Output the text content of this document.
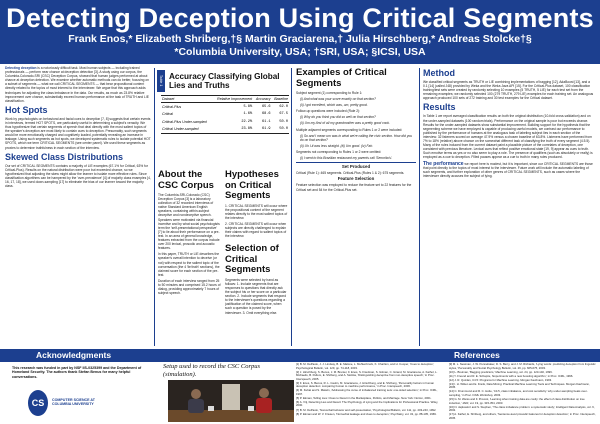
Detecting Deception Using Critical Segments
Frank Enos,* Elizabeth Shriberg,†§ Martin Graciarena,† Julia Hirschberg,* Andreas Stolcke†§
*Columbia University, USA; †SRI, USA; §ICSI, USA

Detecting deception is a notoriously difficult task. Most human subjects — including trained professionals — perform near chance at deception detection [3]. A study using our corpus, the Columbia-Colorado-SRI (CSC) Deception Corpus, showed that human judges performed at about chance at deception detection. We examine whether automatic methods can do better, focusing on a subset of segments — what we call CRITICAL SEGMENTS — that bear propositional content directly related to the topics of most interest to the interviewer. We argue that this approach adds techniques for adjusting the class imbalance in the data. Our results, as much as 23.8% relative improvement over chance, substantially exceed human performance at the task of TRUTH and LIE classification.

Hot Spots

Work by psychologists on behavioral and facial cues to deception [7, 8] suggests that certain events in interviews, termed HOT SPOTS, are particularly useful in determining a subject's veracity. We thus hypothesize that certain segments of speech that deal directly with the most salient topics of the speaker's deception are most likely to contain cues to deception. Presumably, such segments would be more emotionally charged and cognitively loaded, potentially revealing an increase in leakage. Using such segments as hot spots, we developed systematic rules to isolate potential HOT SPOTS, which we term CRITICAL SEGMENTS (see center panel). We used these segments as proxies to determine truthfulness in each section of the interview.

Skewed Class Distributions

Our set of CRITICAL SEGMENTS contains a majority of LIE examples (67.1% for Critical, 63% for Critical-Plus). Results on the natural distribution were poor but exceeded chance, so we hypothesized that adjusting the skew might allow the learner to isolate more effective rules. Since classification algorithms can be hampered by the 'over-prevalence' [4] of majority class examples [4, 16, 17, 18], we used down-sampling [17] to eliminate the bias of our learner toward the majority class.

Table 1 Accuracy Classifying Global Lies and Truths
Dataset	Relative Improvement	Accuracy	Baseline
Critical-Plus	5.8%	65.6	62.0
Critical	1.6%	68.6	67.5
Critical-Plus Under-sampled	22.2%	61.1	50.0
Critical Under-sampled	23.8%	61.9	50.0
About the CSC Corpus

The Columbia-SRI-Colorado (CSC) Deception Corpus [3] is a laboratory collection of 32 recorded interviews of native Standard American English speakers, containing within-subject deceptive and nondeceptive speech. Speakers were motivated via financial incentive and by what social psychologists term the 'self-presentational perspective' [7] to lie about their performance on a pre-test. In an area of general knowledge, features extracted from the corpus include over 200 lexical, prosodic and acoustic features.

In this paper, TRUTH or LIE describes the speaker's overall intention to deceive (or not) with respect to the salient topic of the conversation (the 4 'lie/truth' sections), the claimed score for each section of the pre-test.

Duration of each interview ranged from 25 to 50 minutes and comprised 15.2 hours of dialog, providing approximately 7 hours of subject speech.

Hypotheses on Critical Segments

1. CRITICAL SEGMENTS will occur where the propositional content of the segment relates directly to the most salient topics of the interview.

2. CRITICAL SEGMENTS will occur when subjects are directly challenged to explain their claims with regard to salient topics of the interview.

Selection of Critical Segments

Segments were selected by hand as follows: 1. Include segments that are responses to questions that directly ask the subject his or her score on a particular section. 2. Include segments that respond to the interviewer's questions regarding a justification of the claimed score, when such a question is posed by the interviewer. 3. Omit everything else.

Examples of Critical Segments

Subject segment (1) corresponding to Rule 1:

(i) And what was your score exactly on that section?

(ii) I got excellent, which was, um, pretty good.

Follow-up questions were included (Rule 2):

(i) Why do you think you did so well on that section?

(ii) Um my-first of all my grandmother was a pretty good cook.

Multiple adjacent segments corresponding to Rules 1 or 2 were included:

(i) So and I mean um was in what we're calling the civic section. How did you do on that section?

(ii) Uh I-it was less straight. (iii) Um good. (iv) Fair.

Segments not corresponding to Rules 1 or 2 were omitted:

(i) I went to this Brazilian restaurant my parents call 'Senorita's'.

Set Produced

Critical (Rule 1): 465 segments. Critical-Plus (Rules 1 & 2): 675 segments.

Feature Selection

Feature selection was employed to reduce the feature set to 22 features for the Critical set and 54 for the Critical-Plus set.

Method

We classified critical segments as TRUTH or LIE combining implementations of bagging [12], AdaBoost [13], and a 0.1 [14] (called J48) provided by Weka and the Weka Java API [15]. For the Critical-Plus dataset, 100 classification training/test sets were created by randomly selecting 10 examples (5 TRUTH, 5 LIE) for each test set from the remaining examples; we randomly selected 100 (279 TRUTH, 279 LIE) examples for each training set. An analogous approach produced 100 sets of 272 training and 30 test examples for the Critical dataset.

Results

In Table 1 we report averaged classification results on both the original distribution (10-fold cross-validation) and on the under-sampled datasets (100 random trials). Performance on the original sample is poor but exceeds chance. Results for the under-sampled datasets show substantial improvement. Building support for the hypothesis that the segmenting scheme we have employed is capable of producing useful models, we contrast our performance to published by the performance of humans at the analogous task of labeling subject lies in each section of the interview: 32 listeners scored on average 47.9% versus a chosen baseline of 63.8%. Listeners have performed from 7% to 18% (relative) above chance on the somewhat different task of classifying the truth of every segment (4.5.5). Many of the rules induced from the current dataset paint a plausible picture of the correlates of deception, one consistent with previous literature. Lexical cues that reflect positive emotional state [19, 9] appear as cues to truth. Such emotive terms as yes or no also seem to play a role. The presence of qualifiers (such as absolutely or really) is employed as a cue to deception. Filled pauses appear as a cue to truth in many rules produced.

The performance we report here is modest, but it is important, since our CRITICAL SEGMENTS are those that point directly to the topics of most interest to the interviewer. Future work will include the automatic labeling of such segments, and further exploration of other genres of CRITICAL SEGMENTS, such as cases where the interviewer directly accuses the subject of lying.

Acknowledgments	References
This research was funded in part by NSF IIS-0325399 and the Department of Homeland Security. The authors thank Stefan Benus for many helpful conversations.
CS	COMPUTER SCIENCE AT COLUMBIA UNIVERSITY
Setup used to record the CSC Corpus (simulation).

[1] B. M. DePaulo, J. J. Lindsay, B. E. Malone, L. Muhlenbruck, K. Charlton, and H. Cooper, 'Cues to deception,' Psychological Bulletin, vol. 129, pp. 74-118, 2003.

[2] J. Hirschberg, S. Benus, J. M. Brenier, F. Enos, S. Friedman, S. Gilman, C. Girand, M. Graciarena, A. Kathol, L. Michaelis, B. Pellom, E. Shriberg, and A. Stolcke, 'Distinguishing deceptive from non-deceptive speech,' in Proc. Interspeech, 2005.

[3] F. Enos, S. Benus, R. L. Cautin, M. Graciarena, J. Hirschberg, and E. Shriberg, 'Personality factors in human deception detection: comparing human to machine performance,' in Proc. Interspeech, 2006.

[4] M. Kubat and S. Matwin, 'Addressing the curse of imbalanced training sets: one-sided selection,' in Proc. ICML, 1997.

[5] P. Ekman, Telling Lies: Clues to Deceit in the Marketplace, Politics, and Marriage. New York: Norton, 2001.

[6] A. Vrij, Detecting Lies and Deceit: The Psychology of Lying and the Implications for Professional Practice. Wiley, 2000.

[7] B. M. DePaulo, 'Nonverbal behavior and self-presentation,' Psychological Bulletin, vol. 111, pp. 203-243, 1992.

[8] P. Ekman and W. V. Friesen, 'Nonverbal leakage and clues to deception,' Psychiatry, vol. 32, pp. 88-105, 1969.

[9] M. L. Newman, J. W. Pennebaker, D. S. Berry, and J. M. Richards, 'Lying words: predicting deception from linguistic styles,' Personality and Social Psychology Bulletin, vol. 29, pp. 665-675, 2003.

[10] L. Breiman, 'Bagging predictors,' Machine Learning, vol. 24, pp. 123-140, 1996.

[11] Y. Freund and R. E. Schapire, 'Experiments with a new boosting algorithm,' in Proc. ICML, 1996.

[12] J. R. Quinlan, C4.5: Programs for Machine Learning. Morgan Kaufmann, 1993.

[13] I. H. Witten and E. Frank, Data Mining: Practical Machine Learning Tools and Techniques. Morgan Kaufmann, 2005.

[14] C. Drummond and R. C. Holte, 'C4.5, class imbalance, and cost sensitivity: why under-sampling beats over-sampling,' in Proc. ICML Workshop, 2003.

[15] G. M. Weiss and F. Provost, 'Learning when training data are costly: the effect of class distribution on tree induction,' JAIR, vol. 19, pp. 315-354, 2003.

[16] N. Japkowicz and S. Stephen, 'The class imbalance problem: a systematic study,' Intelligent Data Analysis, vol. 6, 2002.

[17] A. Kathol, E. Shriberg, and others, 'Sentence-level prosodic features for deception detection,' in Proc. Interspeech, 2005.
